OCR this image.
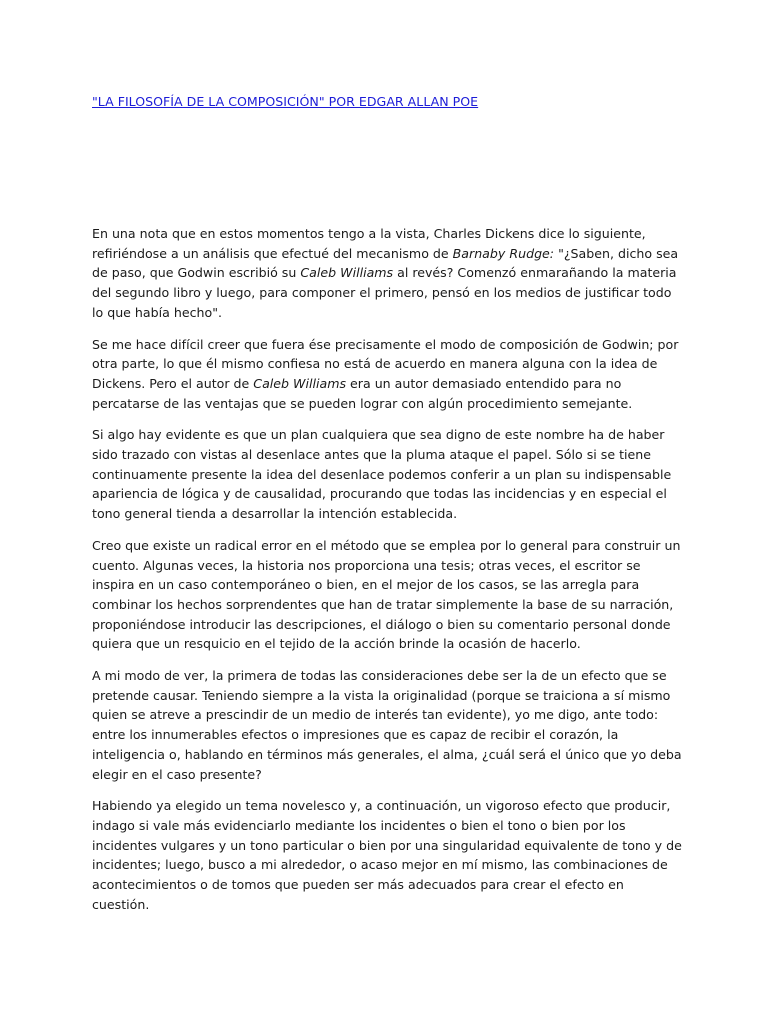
"LA FILOSOFÍA DE LA COMPOSICIÓN" POR EDGAR ALLAN POE

En una nota que en estos momentos tengo a la vista, Charles Dickens dice lo siguiente, refiriéndose a un análisis que efectué del mecanismo de Barnaby Rudge: "¿Saben, dicho sea de paso, que Godwin escribió su Caleb Williams al revés? Comenzó enmarañando la materia del segundo libro y luego, para componer el primero, pensó en los medios de justificar todo lo que había hecho".

Se me hace difícil creer que fuera ése precisamente el modo de composición de Godwin; por otra parte, lo que él mismo confiesa no está de acuerdo en manera alguna con la idea de Dickens. Pero el autor de Caleb Williams era un autor demasiado entendido para no percatarse de las ventajas que se pueden lograr con algún procedimiento semejante.

Si algo hay evidente es que un plan cualquiera que sea digno de este nombre ha de haber sido trazado con vistas al desenlace antes que la pluma ataque el papel. Sólo si se tiene continuamente presente la idea del desenlace podemos conferir a un plan su indispensable apariencia de lógica y de causalidad, procurando que todas las incidencias y en especial el tono general tienda a desarrollar la intención establecida.

Creo que existe un radical error en el método que se emplea por lo general para construir un cuento. Algunas veces, la historia nos proporciona una tesis; otras veces, el escritor se inspira en un caso contemporáneo o bien, en el mejor de los casos, se las arregla para combinar los hechos sorprendentes que han de tratar simplemente la base de su narración, proponiéndose introducir las descripciones, el diálogo o bien su comentario personal donde quiera que un resquicio en el tejido de la acción brinde la ocasión de hacerlo.

A mi modo de ver, la primera de todas las consideraciones debe ser la de un efecto que se pretende causar. Teniendo siempre a la vista la originalidad (porque se traiciona a sí mismo quien se atreve a prescindir de un medio de interés tan evidente), yo me digo, ante todo: entre los innumerables efectos o impresiones que es capaz de recibir el corazón, la inteligencia o, hablando en términos más generales, el alma, ¿cuál será el único que yo deba elegir en el caso presente?

Habiendo ya elegido un tema novelesco y, a continuación, un vigoroso efecto que producir, indago si vale más evidenciarlo mediante los incidentes o bien el tono o bien por los incidentes vulgares y un tono particular o bien por una singularidad equivalente de tono y de incidentes; luego, busco a mi alrededor, o acaso mejor en mí mismo, las combinaciones de acontecimientos o de tomos que pueden ser más adecuados para crear el efecto en cuestión.
